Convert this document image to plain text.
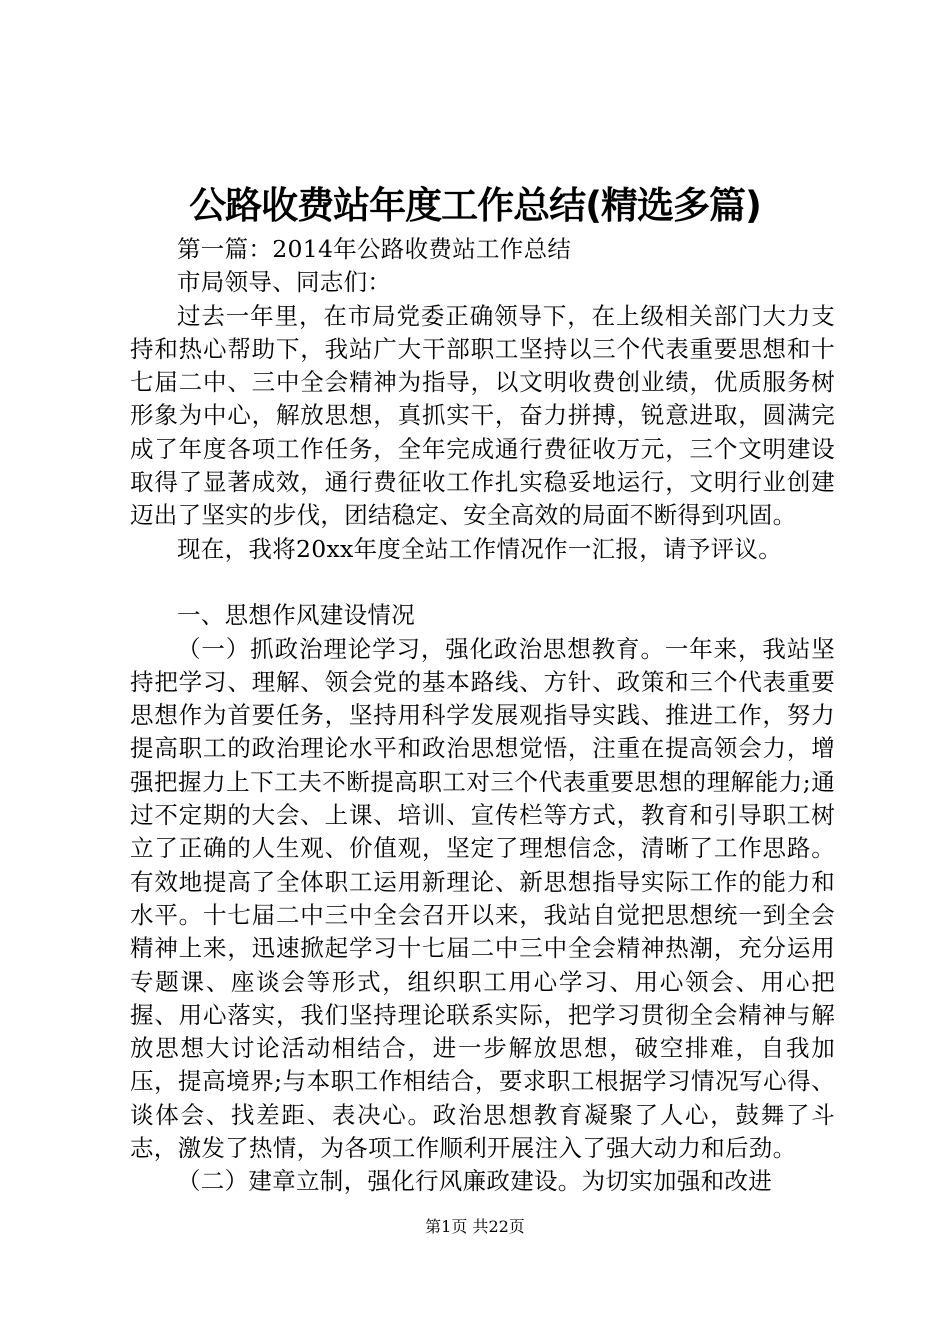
公路收费站年度工作总结(精选多篇)

第一篇：2014年公路收费站工作总结

市局领导、同志们：

过去一年里，在市局党委正确领导下，在上级相关部门大力支持和热心帮助下，我站广大干部职工坚持以三个代表重要思想和十七届二中、三中全会精神为指导，以文明收费创业绩，优质服务树形象为中心，解放思想，真抓实干，奋力拼搏，锐意进取，圆满完成了年度各项工作任务，全年完成通行费征收万元，三个文明建设取得了显著成效，通行费征收工作扎实稳妥地运行，文明行业创建迈出了坚实的步伐，团结稳定、安全高效的局面不断得到巩固。

现在，我将20xx年度全站工作情况作一汇报，请予评议。

一、思想作风建设情况

（一）抓政治理论学习，强化政治思想教育。一年来，我站坚持把学习、理解、领会党的基本路线、方针、政策和三个代表重要思想作为首要任务，坚持用科学发展观指导实践、推进工作，努力提高职工的政治理论水平和政治思想觉悟，注重在提高领会力，增强把握力上下工夫不断提高职工对三个代表重要思想的理解能力;通过不定期的大会、上课、培训、宣传栏等方式，教育和引导职工树立了正确的人生观、价值观，坚定了理想信念，清晰了工作思路。有效地提高了全体职工运用新理论、新思想指导实际工作的能力和水平。十七届二中三中全会召开以来，我站自觉把思想统一到全会精神上来，迅速掀起学习十七届二中三中全会精神热潮，充分运用专题课、座谈会等形式，组织职工用心学习、用心领会、用心把握、用心落实，我们坚持理论联系实际，把学习贯彻全会精神与解放思想大讨论活动相结合，进一步解放思想，破空排难，自我加压，提高境界;与本职工作相结合，要求职工根据学习情况写心得、谈体会、找差距、表决心。政治思想教育凝聚了人心，鼓舞了斗志，激发了热情，为各项工作顺利开展注入了强大动力和后劲。

（二）建章立制，强化行风廉政建设。为切实加强和改进

第1页 共22页
